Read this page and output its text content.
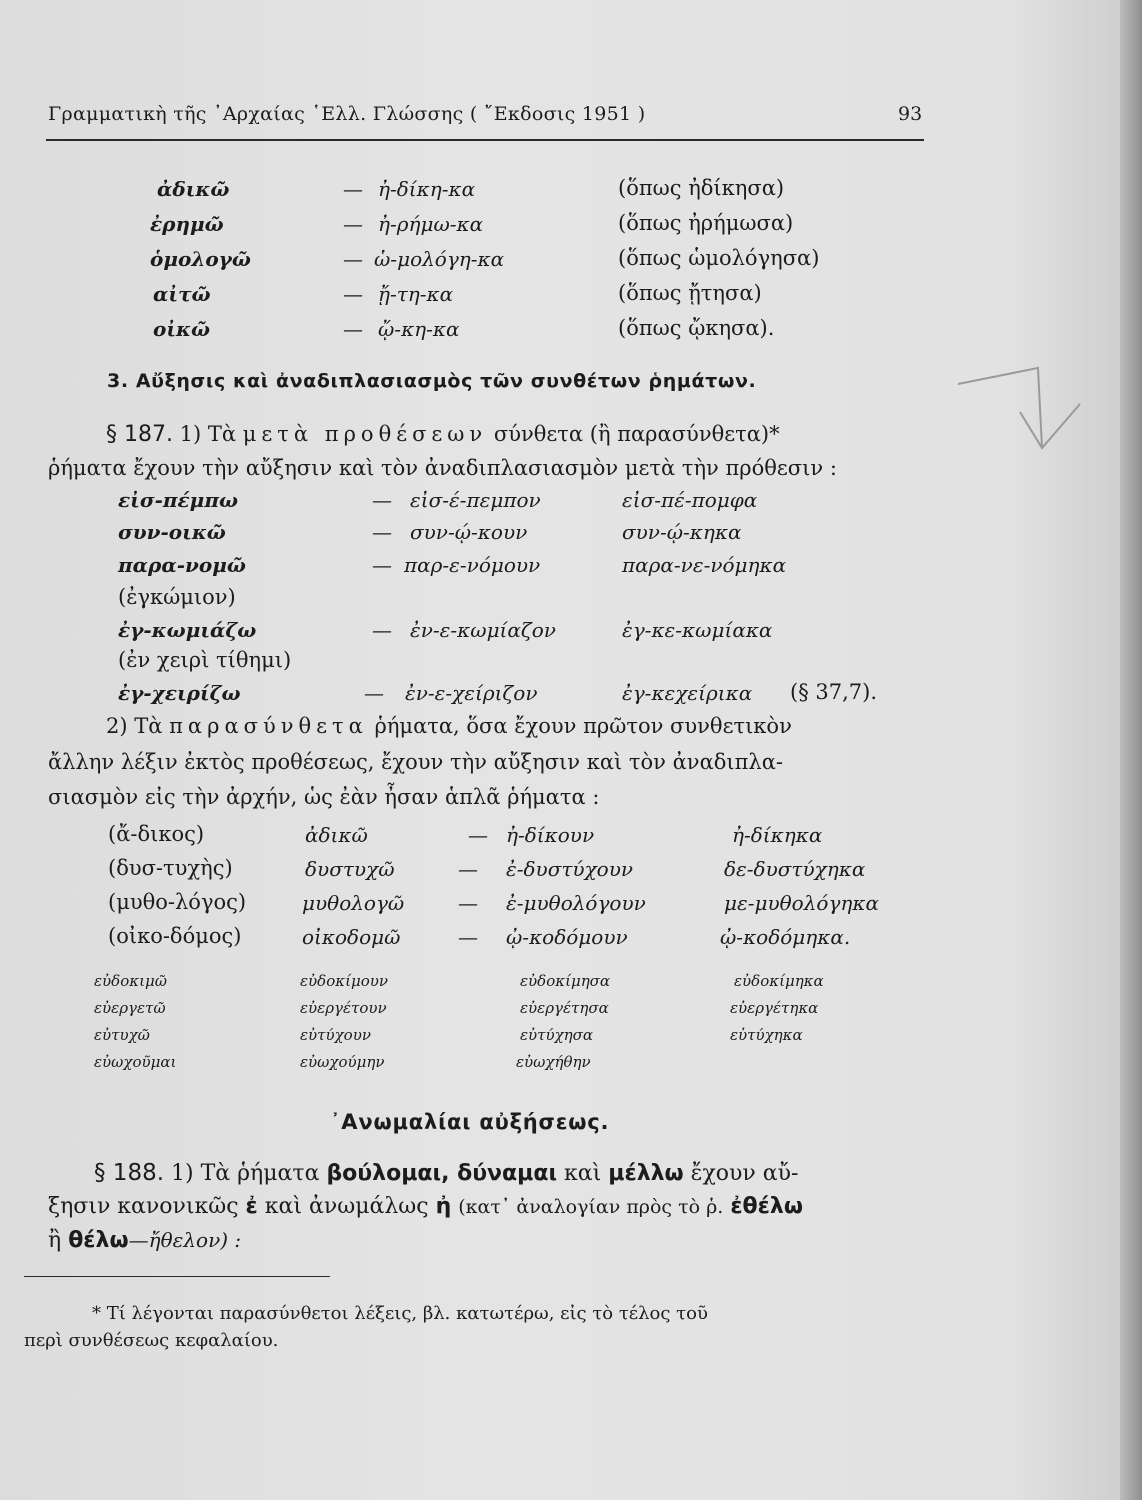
Γραμματικὴ τῆς ᾿Αρχαίας ῾Ελλ. Γλώσσης ( ῎Εκδοσις 1951 )	93
ἀδικῶ	— ἠ-δίκη-κα	(ὅπως ἠδίκησα)
ἐρημῶ	— ἠ-ρήμω-κα	(ὅπως ἠρήμωσα)
ὁμολογῶ	— ὡ-μολόγη-κα	(ὅπως ὡμολόγησα)
αἰτῶ	— ᾔ-τη-κα	(ὅπως ᾔτησα)
οἰκῶ	— ᾤ-κη-κα	(ὅπως ᾤκησα).
3. Αὔξησις καὶ ἀναδιπλασιασμὸς τῶν συνθέτων ῥημάτων.
§ 187. 1) Τὰ μετὰ προθέσεων σύνθετα (ἢ παρασύνθετα)*
ῥήματα ἔχουν τὴν αὔξησιν καὶ τὸν ἀναδιπλασιασμὸν μετὰ τὴν πρόθεσιν :
εἰσ-πέμπω	— εἰσ-έ-πεμπον	εἰσ-πέ-πομφα
συν-οικῶ	— συν-ῴ-κουν	συν-ῴ-κηκα
παρα-νομῶ	— παρ-ε-νόμουν	παρα-νε-νόμηκα
(ἐγκώμιον)
ἐγ-κωμιάζω	— ἐν-ε-κωμίαζον	ἐγ-κε-κωμίακα
(ἐν χειρὶ τίθημι)
ἐγ-χειρίζω	— ἐν-ε-χείριζον	ἐγ-κεχείρικα (§ 37,7).
2) Τὰ παρασύνθετα ῥήματα, ὅσα ἔχουν πρῶτον συνθετικὸν
ἄλλην λέξιν ἐκτὸς προθέσεως, ἔχουν τὴν αὔξησιν καὶ τὸν ἀναδιπλα-
σιασμὸν εἰς τὴν ἀρχήν, ὡς ἐὰν ἦσαν ἁπλᾶ ῥήματα :
(ἄ-δικος)	ἀδικῶ	— ἠ-δίκουν	ἠ-δίκηκα
(δυσ-τυχὴς)	δυστυχῶ	— ἐ-δυστύχουν	δε-δυστύχηκα
(μυθο-λόγος)	μυθολογῶ	— ἐ-μυθολόγουν	με-μυθολόγηκα
(οἰκο-δόμος)	οἰκοδομῶ	— ᾠ-κοδόμουν	ᾠ-κοδόμηκα.
εὐδοκιμῶ	εὐδοκίμουν	εὐδοκίμησα	εὐδοκίμηκα
εὐεργετῶ	εὐεργέτουν	εὐεργέτησα	εὐεργέτηκα
εὐτυχῶ	εὐτύχουν	εὐτύχησα	εὐτύχηκα
εὐωχοῦμαι	εὐωχούμην	εὐωχήθην
᾿Ανωμαλίαι αὐξήσεως.
§ 188. 1) Τὰ ῥήματα βούλομαι, δύναμαι καὶ μέλλω ἔχουν αὔ-
ξησιν κανονικῶς ἐ καὶ ἀνωμάλως ἠ (κατ᾿ ἀναλογίαν πρὸς τὸ ῥ. ἐθέλω
ἢ θέλω—ἤθελον) :
* Τί λέγονται παρασύνθετοι λέξεις, βλ. κατωτέρω, εἰς τὸ τέλος τοῦ
περὶ συνθέσεως κεφαλαίου.
